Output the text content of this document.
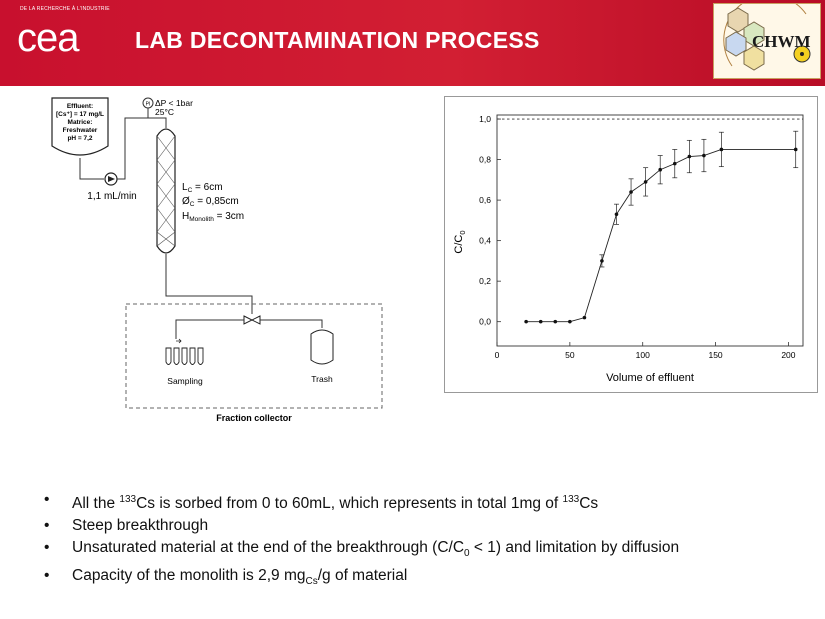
DE LA RECHERCHE À L'INDUSTRIE
cea LAB DECONTAMINATION PROCESS	CHWM
Effluent:
[Cs⁺] = 17 mg/L
Matrice:
Freshwater
pH = 7,2
1,1 mL/min
PI ΔP < 1bar
25°C
$L_C = 6cm$
$Ø_C = 0,85cm$
$H_{Monolith} = 3cm$
Sampling	Trash
Fraction collector
0	50	100	150	200
0,0
0,2
0,4
0,6
0,8
1,0
Volume of effluent
$C/C_0$
• All the $^{133}$Cs is sorbed from 0 to 60mL, which represents in total 1mg of $^{133}$Cs
• Steep breakthrough
• Unsaturated material at the end of the breakthrough $(C/C_0 < 1)$ and limitation by diffusion
• Capacity of the monolith is 2,9 $mg_{Cs}/g$ of material
